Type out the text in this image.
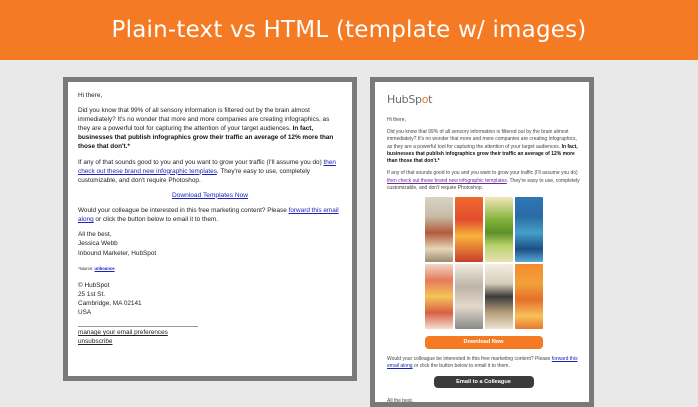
Plain-text vs HTML (template w/ images)

Hi there,

Did you know that 99% of all sensory information is filtered out by the brain almost immediately? It's no wonder that more and more companies are creating infographics, as they are a powerful tool for capturing the attention of your target audiences. In fact, businesses that publish infographics grow their traffic an average of 12% more than those that don't.*

If any of that sounds good to you and you want to grow your traffic (I'll assume you do) then check out these brand new infographic templates. They're easy to use, completely customizable, and don't require Photoshop.

Download Templates Now

Would your colleague be interested in this free marketing content? Please forward this email along or click the button below to email it to them.

All the best,
Jessica Webb
Inbound Marketer, HubSpot
*source: unbounce
© HubSpot
25 1st St.
Cambridge, MA 02141
USA
manage your email preferences
unsubscribe
HubSpot

Hi there,

Did you know that 99% of all sensory information is filtered out by the brain almost immediately? It's no wonder that more and more companies are creating infographics, as they are a powerful tool for capturing the attention of your target audiences. In fact, businesses that publish infographics grow their traffic an average of 12% more than those that don't.*

If any of that sounds good to you and you want to grow your traffic (I'll assume you do) then check out these brand new infographic templates. They're easy to use, completely customizable, and don't require Photoshop.

Download Now

Would your colleague be interested in this free marketing content? Please forward this email along or click the button below to email it to them.

Email to a Colleague

All the best,
